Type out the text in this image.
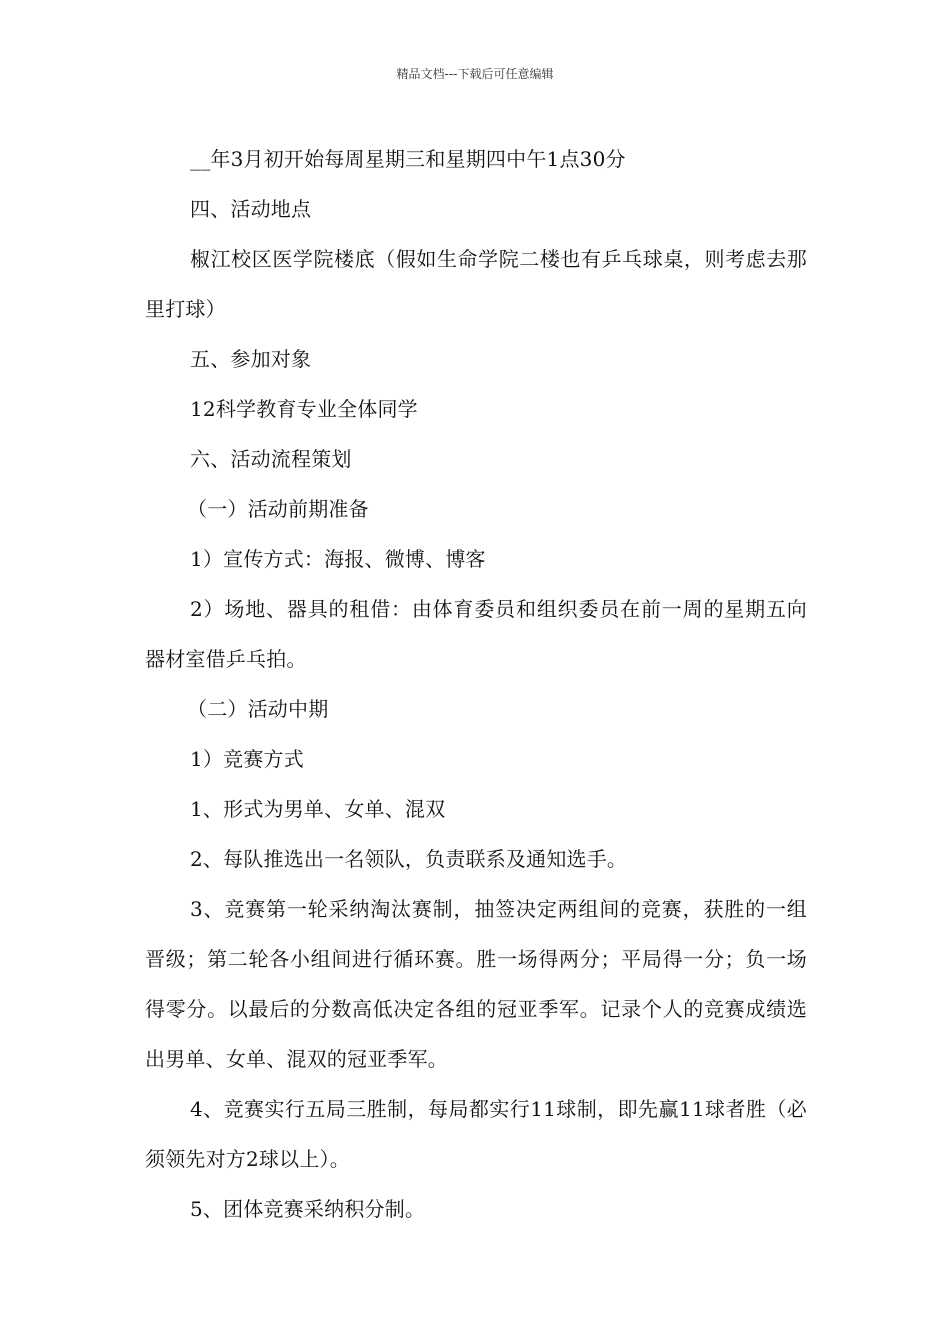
精品文档---下载后可任意编辑

__年3月初开始每周星期三和星期四中午1点30分

四、活动地点

椒江校区医学院楼底（假如生命学院二楼也有乒乓球桌，则考虑去那里打球）

五、参加对象

12科学教育专业全体同学

六、活动流程策划

（一）活动前期准备

1）宣传方式：海报、微博、博客

2）场地、器具的租借：由体育委员和组织委员在前一周的星期五向器材室借乒乓拍。

（二）活动中期

1）竞赛方式

1、形式为男单、女单、混双

2、每队推选出一名领队，负责联系及通知选手。

3、竞赛第一轮采纳淘汰赛制，抽签决定两组间的竞赛，获胜的一组晋级；第二轮各小组间进行循环赛。胜一场得两分；平局得一分；负一场得零分。以最后的分数高低决定各组的冠亚季军。记录个人的竞赛成绩选出男单、女单、混双的冠亚季军。

4、竞赛实行五局三胜制，每局都实行11球制，即先赢11球者胜（必须领先对方2球以上）。

5、团体竞赛采纳积分制。
